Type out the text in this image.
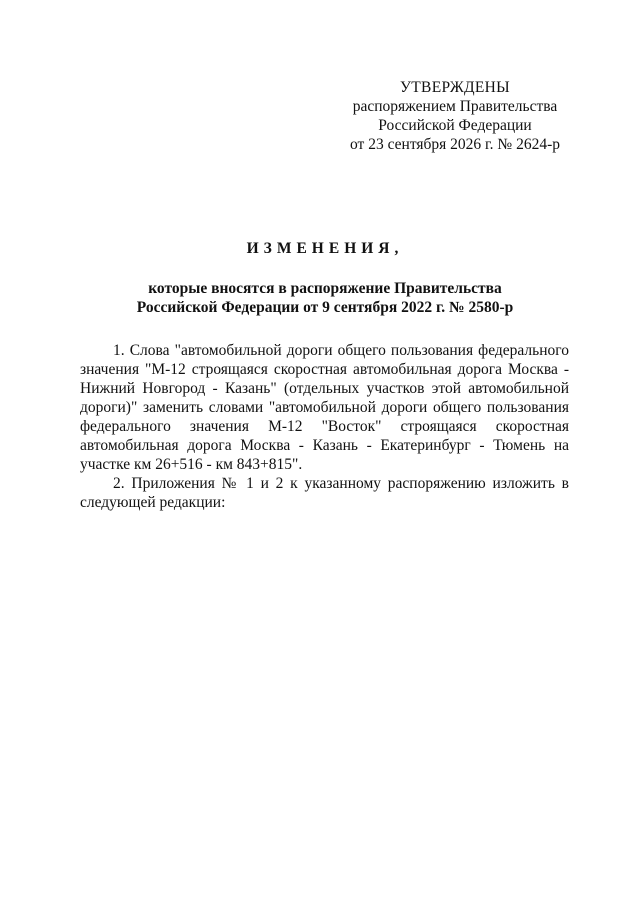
УТВЕРЖДЕНЫ
распоряжением Правительства
Российской Федерации
от 23 сентября 2026 г. № 2624-р
ИЗМЕНЕНИЯ,
которые вносятся в распоряжение Правительства
Российской Федерации от 9 сентября 2022 г. № 2580-р

1. Слова "автомобильной дороги общего пользования федерального значения "М-12 строящаяся скоростная автомобильная дорога Москва - Нижний Новгород - Казань" (отдельных участков этой автомобильной дороги)" заменить словами "автомобильной дороги общего пользования федерального значения М-12 "Восток" строящаяся скоростная автомобильная дорога Москва - Казань - Екатеринбург - Тюмень на участке км 26+516 - км 843+815".

2. Приложения № 1 и 2 к указанному распоряжению изложить в следующей редакции:
